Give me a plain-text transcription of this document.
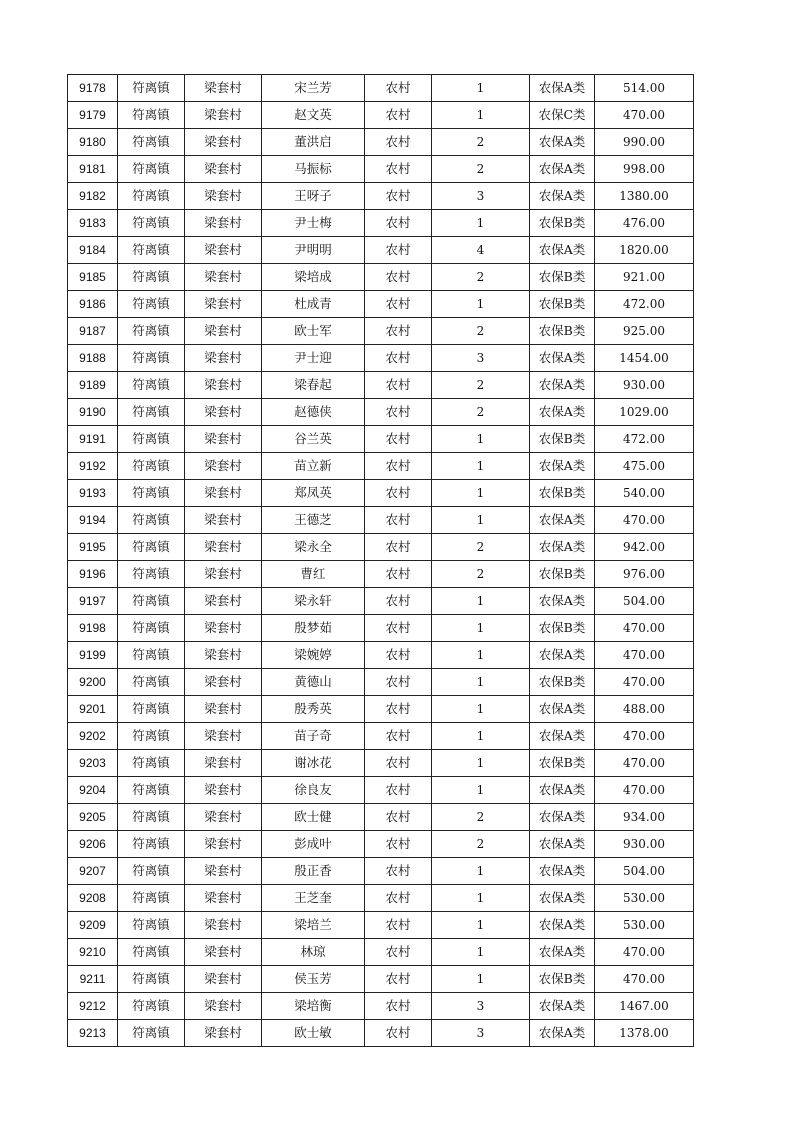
9178	符离镇	梁套村	宋兰芳	农村	1	农保A类	514.00
9179	符离镇	梁套村	赵文英	农村	1	农保C类	470.00
9180	符离镇	梁套村	董洪启	农村	2	农保A类	990.00
9181	符离镇	梁套村	马振标	农村	2	农保A类	998.00
9182	符离镇	梁套村	王呀子	农村	3	农保A类	1380.00
9183	符离镇	梁套村	尹士梅	农村	1	农保B类	476.00
9184	符离镇	梁套村	尹明明	农村	4	农保A类	1820.00
9185	符离镇	梁套村	梁培成	农村	2	农保B类	921.00
9186	符离镇	梁套村	杜成青	农村	1	农保B类	472.00
9187	符离镇	梁套村	欧士军	农村	2	农保B类	925.00
9188	符离镇	梁套村	尹士迎	农村	3	农保A类	1454.00
9189	符离镇	梁套村	梁春起	农村	2	农保A类	930.00
9190	符离镇	梁套村	赵德侠	农村	2	农保A类	1029.00
9191	符离镇	梁套村	谷兰英	农村	1	农保B类	472.00
9192	符离镇	梁套村	苗立新	农村	1	农保A类	475.00
9193	符离镇	梁套村	郑凤英	农村	1	农保B类	540.00
9194	符离镇	梁套村	王德芝	农村	1	农保A类	470.00
9195	符离镇	梁套村	梁永全	农村	2	农保A类	942.00
9196	符离镇	梁套村	曹红	农村	2	农保B类	976.00
9197	符离镇	梁套村	梁永轩	农村	1	农保A类	504.00
9198	符离镇	梁套村	殷梦茹	农村	1	农保B类	470.00
9199	符离镇	梁套村	梁婉婷	农村	1	农保A类	470.00
9200	符离镇	梁套村	黄德山	农村	1	农保B类	470.00
9201	符离镇	梁套村	殷秀英	农村	1	农保A类	488.00
9202	符离镇	梁套村	苗子奇	农村	1	农保A类	470.00
9203	符离镇	梁套村	谢冰花	农村	1	农保B类	470.00
9204	符离镇	梁套村	徐良友	农村	1	农保A类	470.00
9205	符离镇	梁套村	欧士健	农村	2	农保A类	934.00
9206	符离镇	梁套村	彭成叶	农村	2	农保A类	930.00
9207	符离镇	梁套村	殷正香	农村	1	农保A类	504.00
9208	符离镇	梁套村	王芝奎	农村	1	农保A类	530.00
9209	符离镇	梁套村	梁培兰	农村	1	农保A类	530.00
9210	符离镇	梁套村	林琼	农村	1	农保A类	470.00
9211	符离镇	梁套村	侯玉芳	农村	1	农保B类	470.00
9212	符离镇	梁套村	梁培衡	农村	3	农保A类	1467.00
9213	符离镇	梁套村	欧士敏	农村	3	农保A类	1378.00
